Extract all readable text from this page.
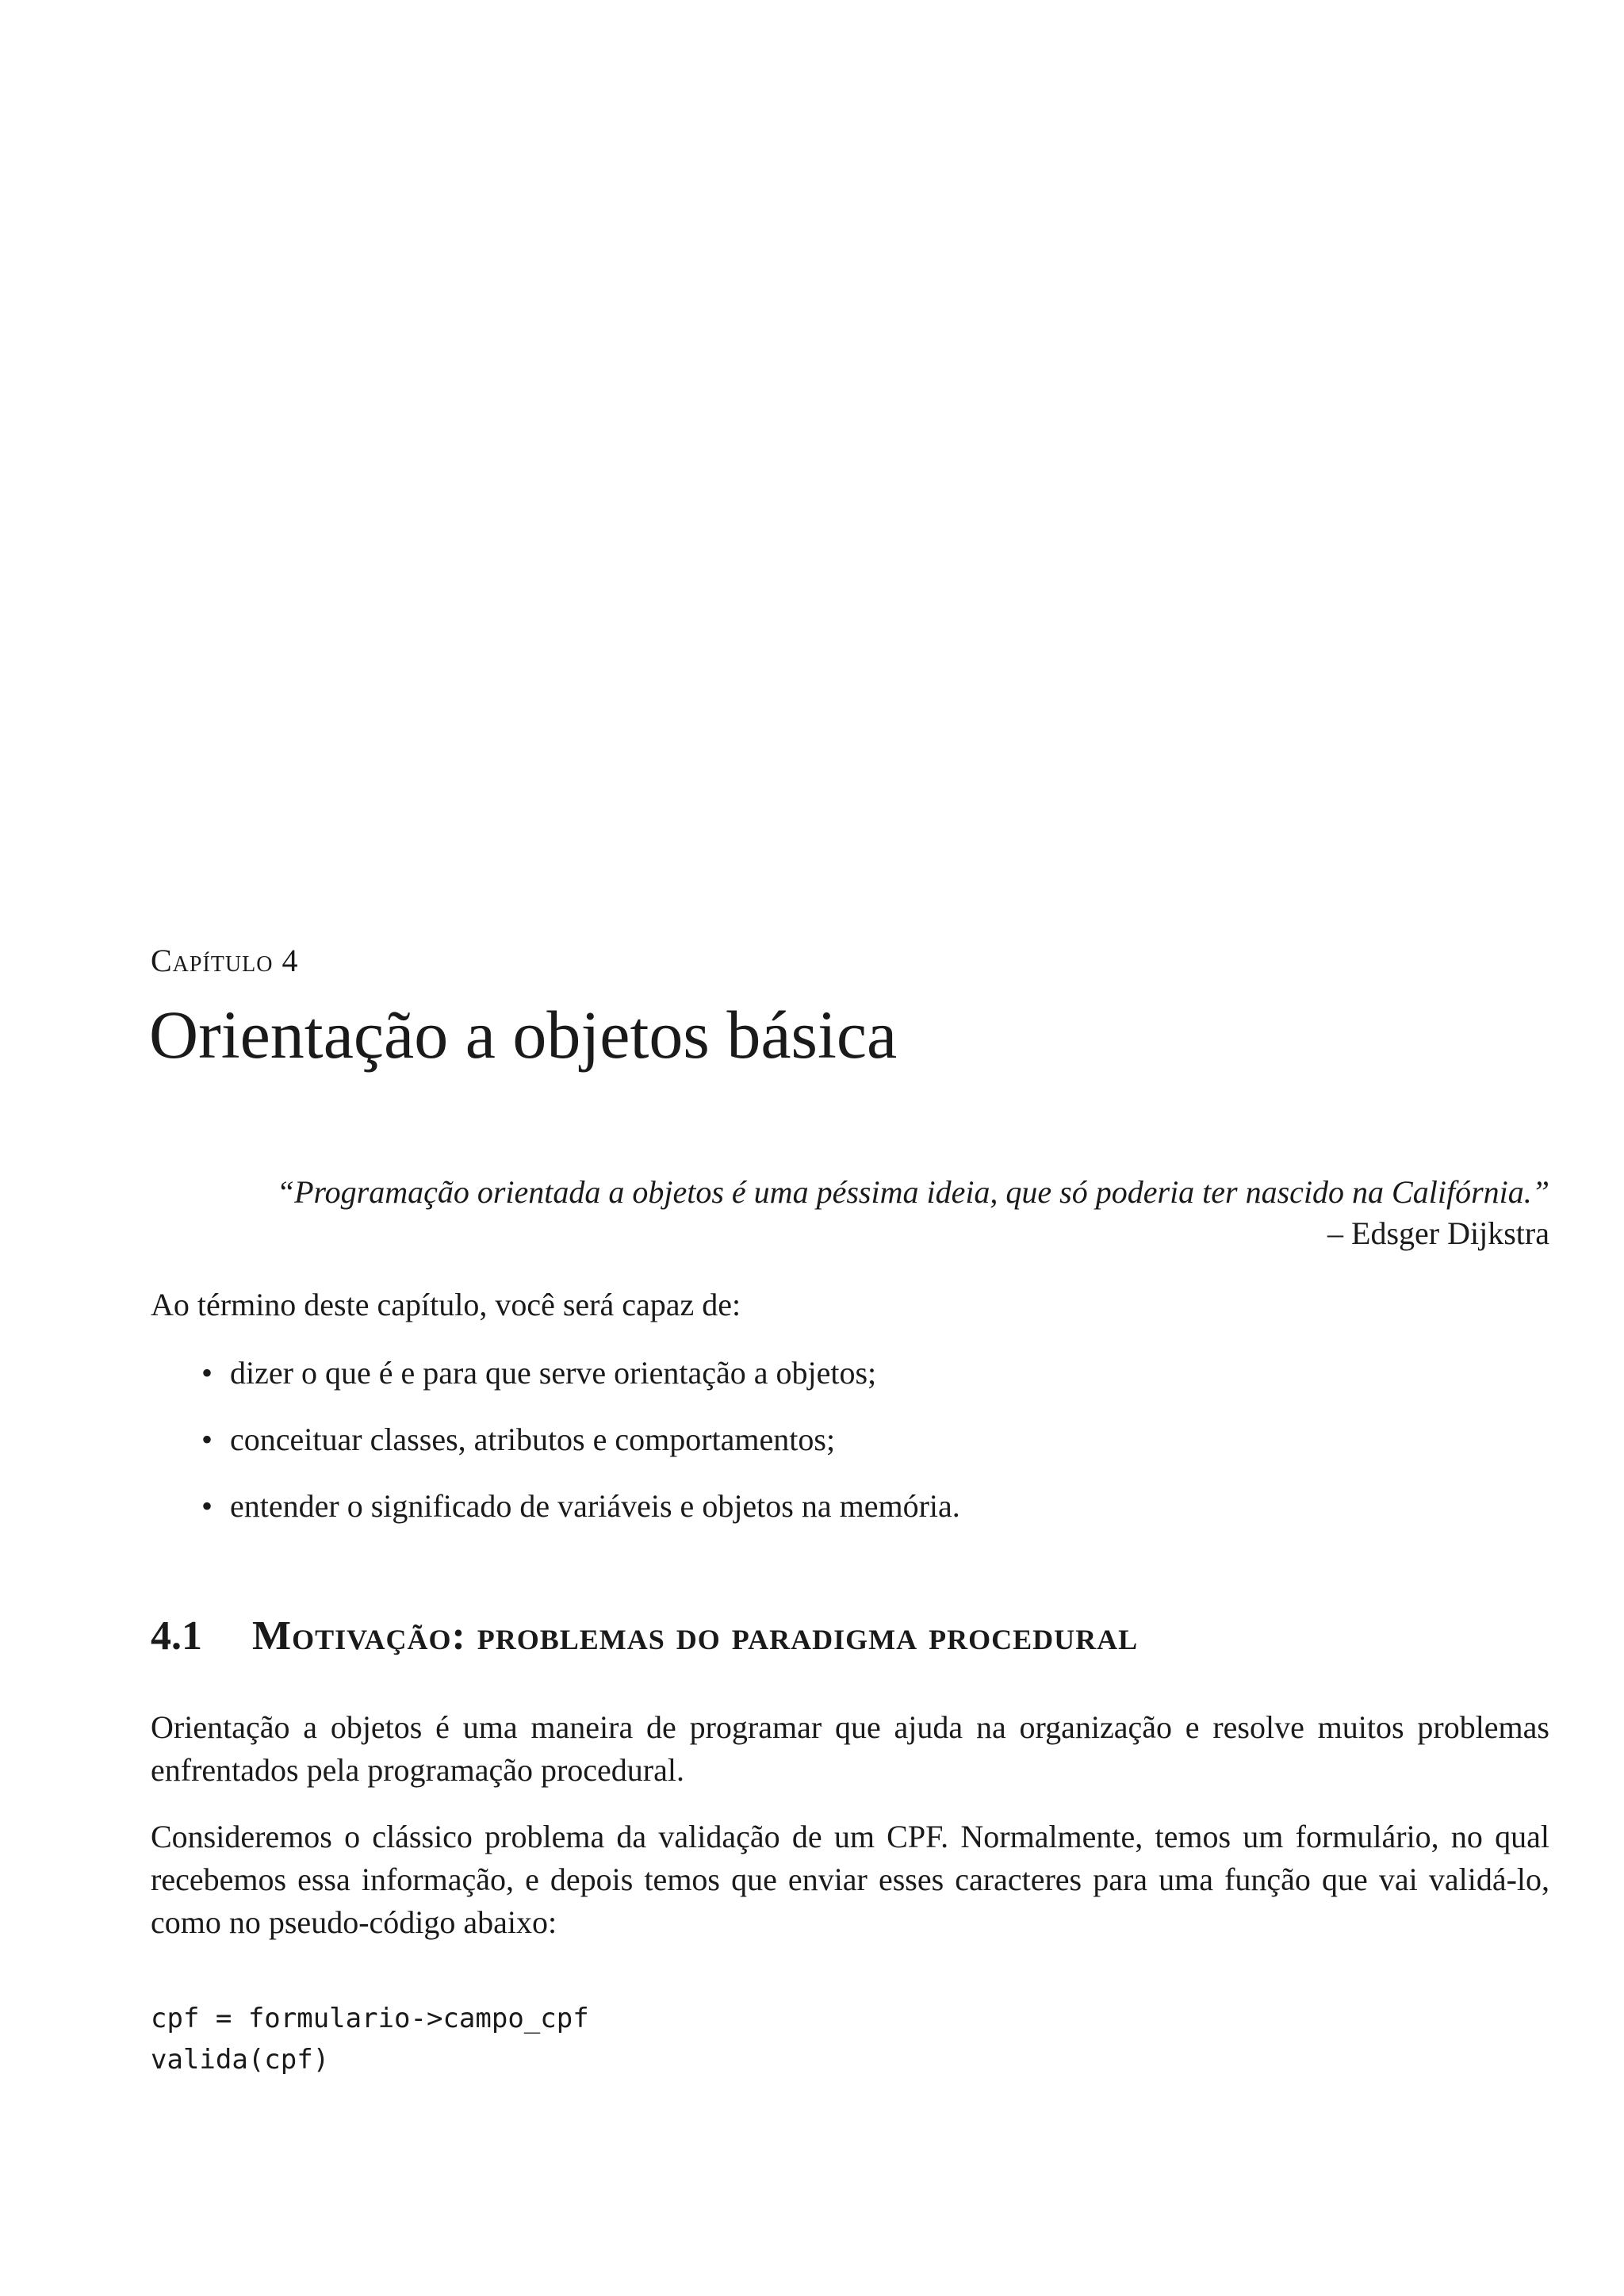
Capítulo 4
Orientação a objetos básica
“Programação orientada a objetos é uma péssima ideia, que só poderia ter nascido na Califórnia.”
– Edsger Dijkstra
Ao término deste capítulo, você será capaz de:
• dizer o que é e para que serve orientação a objetos;
• conceituar classes, atributos e comportamentos;
• entender o significado de variáveis e objetos na memória.
4.1 Motivação: problemas do paradigma procedural

Orientação a objetos é uma maneira de programar que ajuda na organização e resolve muitos problemas enfrentados pela programação procedural.

Consideremos o clássico problema da validação de um CPF. Normalmente, temos um formulário, no qual recebemos essa informação, e depois temos que enviar esses caracteres para uma função que vai validá-lo, como no pseudo-código abaixo:

cpf = formulario->campo_cpf
valida(cpf)
